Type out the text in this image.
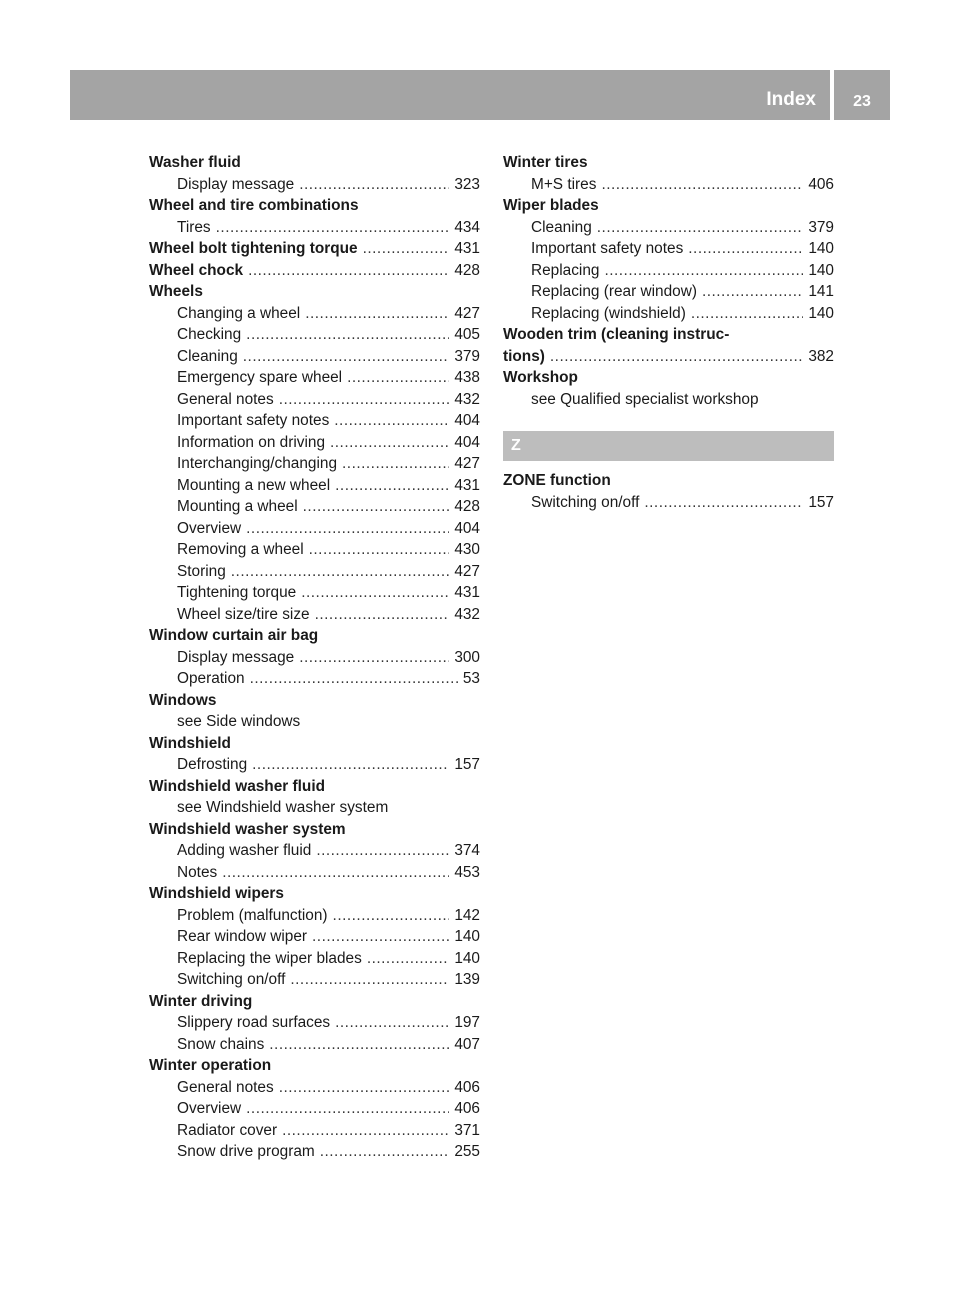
Index	23
Washer fluid
Display message .....	323
Wheel and tire combinations
Tires .....	434
Wheel bolt tightening torque .....	431
Wheel chock .....	428
Wheels
Changing a wheel .....	427
Checking .....	405
Cleaning .....	379
Emergency spare wheel .....	438
General notes .....	432
Important safety notes .....	404
Information on driving .....	404
Interchanging/changing .....	427
Mounting a new wheel .....	431
Mounting a wheel .....	428
Overview .....	404
Removing a wheel .....	430
Storing .....	427
Tightening torque .....	431
Wheel size/tire size .....	432
Window curtain air bag
Display message .....	300
Operation .....	53
Windows
see Side windows
Windshield
Defrosting .....	157
Windshield washer fluid
see Windshield washer system
Windshield washer system
Adding washer fluid .....	374
Notes .....	453
Windshield wipers
Problem (malfunction) .....	142
Rear window wiper .....	140
Replacing the wiper blades .....	140
Switching on/off .....	139
Winter driving
Slippery road surfaces .....	197
Snow chains .....	407
Winter operation
General notes .....	406
Overview .....	406
Radiator cover .....	371
Snow drive program .....	255
Winter tires
M+S tires .....	406
Wiper blades
Cleaning .....	379
Important safety notes .....	140
Replacing .....	140
Replacing (rear window) .....	141
Replacing (windshield) .....	140
Wooden trim (cleaning instruc-
tions) .....	382
Workshop
see Qualified specialist workshop
Z
ZONE function
Switching on/off .....	157
